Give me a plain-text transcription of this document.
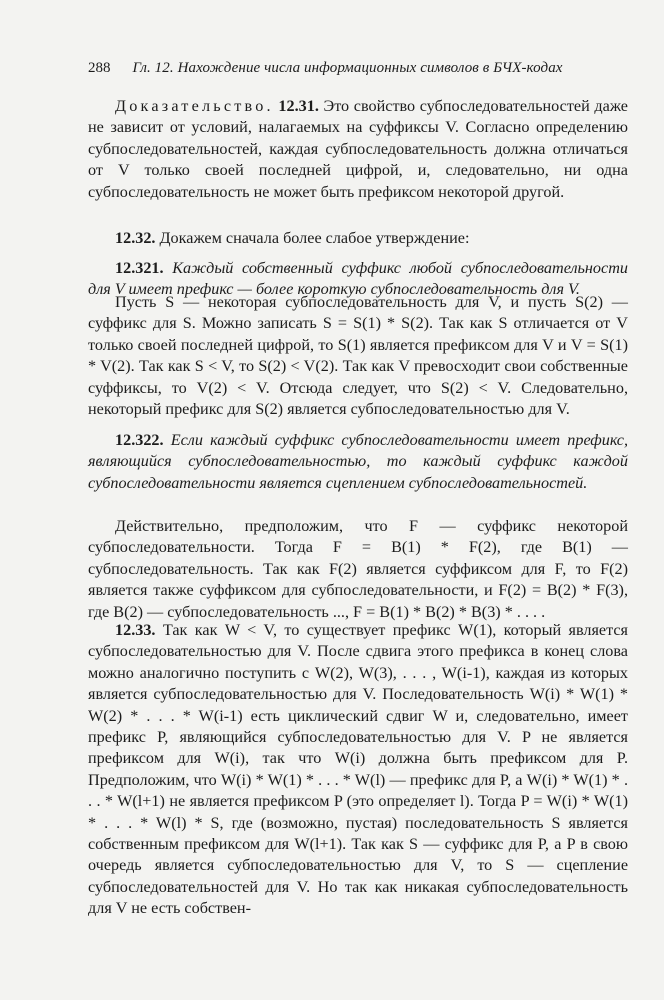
288 Гл. 12. Нахождение числа информационных символов в БЧХ-кодах
Доказательство. 12.31. Это свойство субпоследовательностей даже не зависит от условий, налагаемых на суффиксы V. Согласно определению субпоследовательностей, каждая субпоследовательность должна отличаться от V только своей последней цифрой, и, следовательно, ни одна субпоследовательность не может быть префиксом некоторой другой.
12.32. Докажем сначала более слабое утверждение:
12.321. Каждый собственный суффикс любой субпоследовательности для V имеет префикс — более короткую субпоследовательность для V.
Пусть S — некоторая субпоследовательность для V, и пусть S(2) — суффикс для S. Можно записать S = S(1) * S(2). Так как S отличается от V только своей последней цифрой, то S(1) является префиксом для V и V = S(1) * V(2). Так как S < V, то S(2) < V(2). Так как V превосходит свои собственные суффиксы, то V(2) < V. Отсюда следует, что S(2) < V. Следовательно, некоторый префикс для S(2) является субпоследовательностью для V.
12.322. Если каждый суффикс субпоследовательности имеет префикс, являющийся субпоследовательностью, то каждый суффикс каждой субпоследовательности является сцеплением субпоследовательностей.
Действительно, предположим, что F — суффикс некоторой субпоследовательности. Тогда F = B(1) * F(2), где B(1) — субпоследовательность. Так как F(2) является суффиксом для F, то F(2) является также суффиксом для субпоследовательности, и F(2) = B(2) * F(3), где B(2) — субпоследовательность ..., F = B(1) * B(2) * B(3) * . . . .
12.33. Так как W < V, то существует префикс W(1), который является субпоследовательностью для V. После сдвига этого префикса в конец слова можно аналогично поступить с W(2), W(3), . . . , W(i-1), каждая из которых является субпоследовательностью для V. Последовательность W(i) * W(1) * W(2) * . . . * W(i-1) есть циклический сдвиг W и, следовательно, имеет префикс P, являющийся субпоследовательностью для V. P не является префиксом для W(i), так что W(i) должна быть префиксом для P. Предположим, что W(i) * W(1) * . . . * W(l) — префикс для P, а W(i) * W(1) * . . . * W(l+1) не является префиксом P (это определяет l). Тогда P = W(i) * W(1) * . . . * W(l) * S, где (возможно, пустая) последовательность S является собственным префиксом для W(l+1). Так как S — суффикс для P, а P в свою очередь является субпоследовательностью для V, то S — сцепление субпоследовательностей для V. Но так как никакая субпоследовательность для V не есть собствен-
